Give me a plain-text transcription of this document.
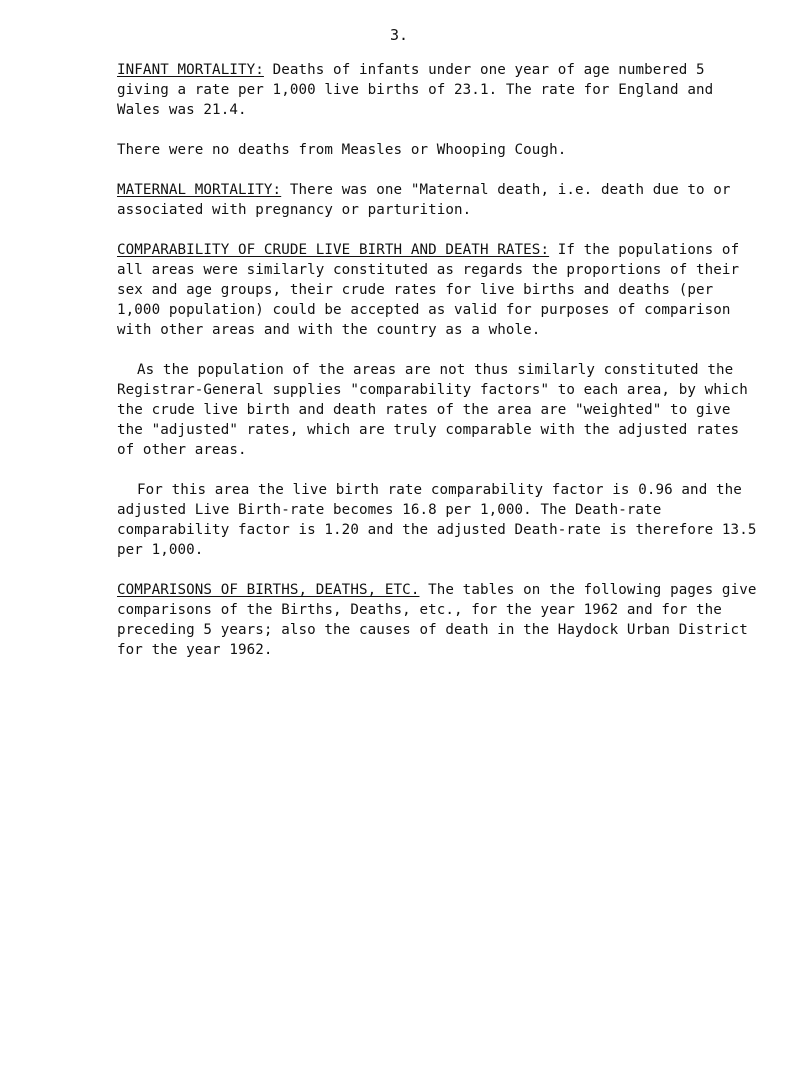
3.

INFANT MORTALITY: Deaths of infants under one year of age numbered 5 giving a rate per 1,000 live births of 23.1. The rate for England and Wales was 21.4.

There were no deaths from Measles or Whooping Cough.

MATERNAL MORTALITY: There was one "Maternal death, i.e. death due to or associated with pregnancy or parturition.

COMPARABILITY OF CRUDE LIVE BIRTH AND DEATH RATES: If the populations of all areas were similarly constituted as regards the proportions of their sex and age groups, their crude rates for live births and deaths (per 1,000 population) could be accepted as valid for purposes of comparison with other areas and with the country as a whole.

As the population of the areas are not thus similarly constituted the Registrar-General supplies "comparability factors" to each area, by which the crude live birth and death rates of the area are "weighted" to give the "adjusted" rates, which are truly comparable with the adjusted rates of other areas.

For this area the live birth rate comparability factor is 0.96 and the adjusted Live Birth-rate becomes 16.8 per 1,000. The Death-rate comparability factor is 1.20 and the adjusted Death-rate is therefore 13.5 per 1,000.

COMPARISONS OF BIRTHS, DEATHS, ETC. The tables on the following pages give comparisons of the Births, Deaths, etc., for the year 1962 and for the preceding 5 years; also the causes of death in the Haydock Urban District for the year 1962.
